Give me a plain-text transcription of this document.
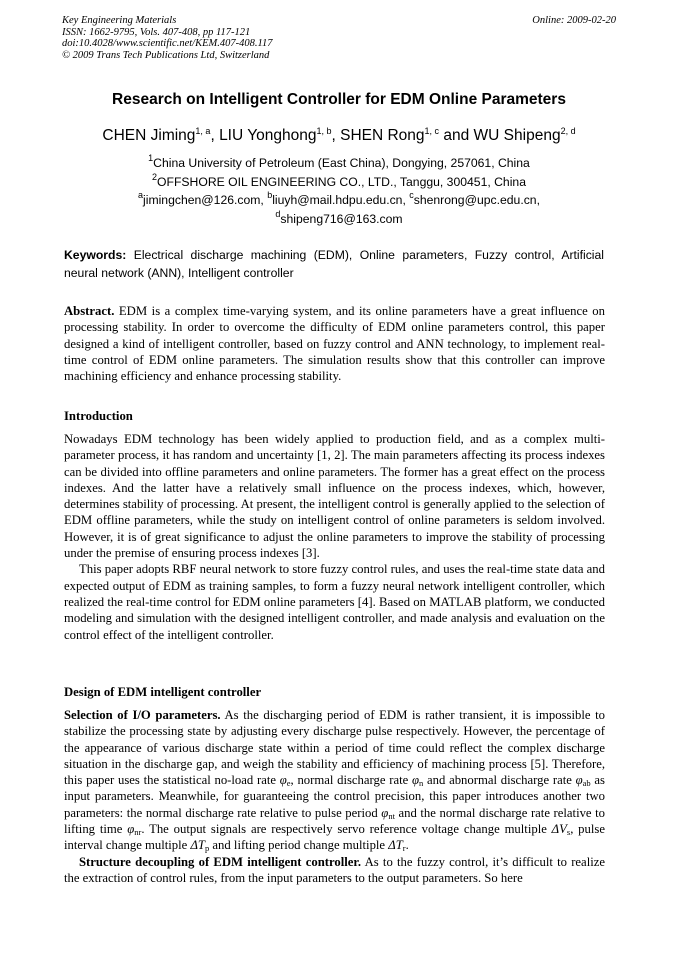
Key Engineering Materials
ISSN: 1662-9795, Vols. 407-408, pp 117-121
doi:10.4028/www.scientific.net/KEM.407-408.117
© 2009 Trans Tech Publications Ltd, Switzerland
Online: 2009-02-20
Research on Intelligent Controller for EDM Online Parameters
CHEN Jiming$^{1, a}$, LIU Yonghong$^{1, b}$, SHEN Rong$^{1, c}$ and WU Shipeng$^{2, d}$
$^1$China University of Petroleum (East China), Dongying, 257061, China
$^2$OFFSHORE OIL ENGINEERING CO., LTD., Tanggu, 300451, China
$^a$jimingchen@126.com, $^b$liuyh@mail.hdpu.edu.cn, $^c$shenrong@upc.edu.cn,
$^d$shipeng716@163.com
Keywords: Electrical discharge machining (EDM), Online parameters, Fuzzy control, Artificial neural network (ANN), Intelligent controller
Abstract. EDM is a complex time-varying system, and its online parameters have a great influence on processing stability. In order to overcome the difficulty of EDM online parameters control, this paper designed a kind of intelligent controller, based on fuzzy control and ANN technology, to implement real-time control of EDM online parameters. The simulation results show that this controller can improve machining efficiency and enhance processing stability.
Introduction

Nowadays EDM technology has been widely applied to production field, and as a complex multi-parameter process, it has random and uncertainty [1, 2]. The main parameters affecting its process indexes can be divided into offline parameters and online parameters. The former has a great effect on the process indexes. And the latter have a relatively small influence on the process indexes, which, however, determines stability of processing. At present, the intelligent control is generally applied to the selection of EDM offline parameters, while the study on intelligent control of online parameters is seldom involved. However, it is of great significance to adjust the online parameters to improve the stability of processing under the premise of ensuring process indexes [3].

This paper adopts RBF neural network to store fuzzy control rules, and uses the real-time state data and expected output of EDM as training samples, to form a fuzzy neural network intelligent controller, which realized the real-time control for EDM online parameters [4]. Based on MATLAB platform, we conducted modeling and simulation with the designed intelligent controller, and made analysis and evaluation on the control effect of the intelligent controller.

Design of EDM intelligent controller

Selection of I/O parameters. As the discharging period of EDM is rather transient, it is impossible to stabilize the processing state by adjusting every discharge pulse respectively. However, the percentage of the appearance of various discharge state within a period of time could reflect the complex discharge situation in the discharge gap, and weigh the stability and efficiency of machining process [5]. Therefore, this paper uses the statistical no-load rate $\varphi_e$, normal discharge rate $\varphi_n$ and abnormal discharge rate $\varphi_{ab}$ as input parameters. Meanwhile, for guaranteeing the control precision, this paper introduces another two parameters: the normal discharge rate relative to pulse period $\varphi_{nt}$ and the normal discharge rate relative to lifting time $\varphi_{nr}$. The output signals are respectively servo reference voltage change multiple $\Delta V_s$, pulse interval change multiple $\Delta T_p$ and lifting period change multiple $\Delta T_r$.

Structure decoupling of EDM intelligent controller. As to the fuzzy control, it’s difficult to realize the extraction of control rules, from the input parameters to the output parameters. So here
